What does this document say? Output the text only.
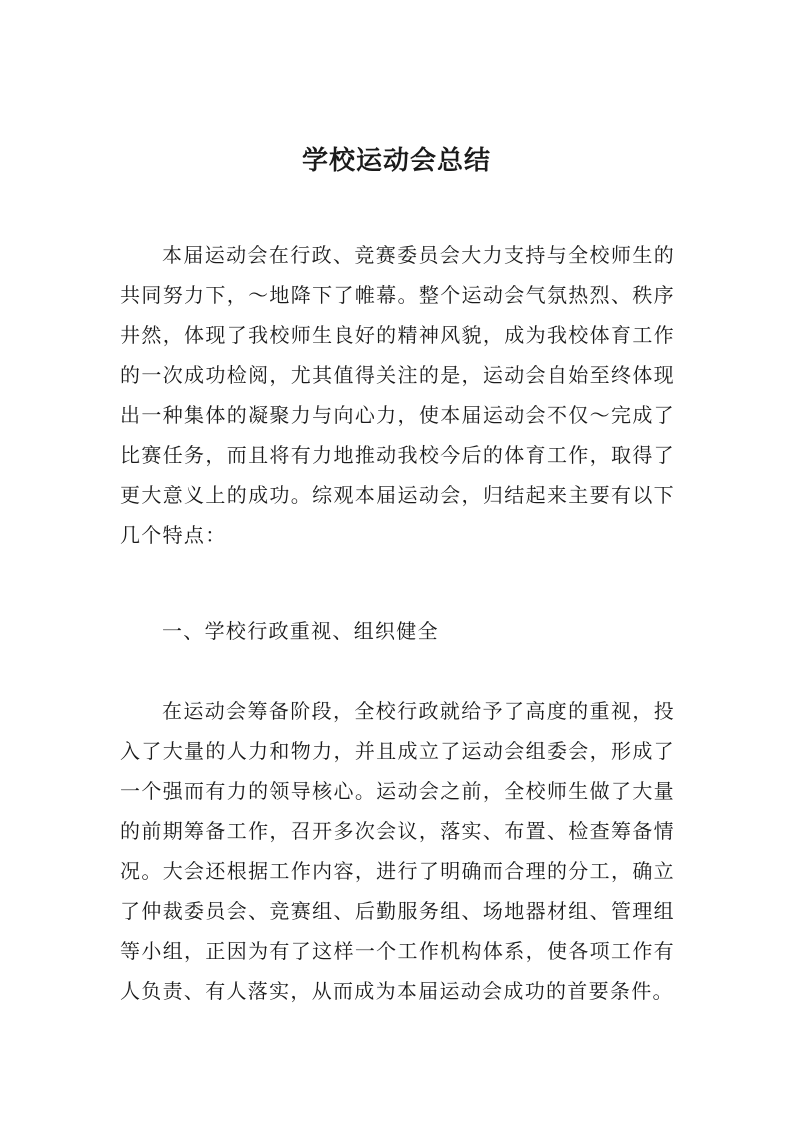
学校运动会总结

本届运动会在行政、竞赛委员会大力支持与全校师生的共同努力下，～地降下了帷幕。整个运动会气氛热烈、秩序井然，体现了我校师生良好的精神风貌，成为我校体育工作的一次成功检阅，尤其值得关注的是，运动会自始至终体现出一种集体的凝聚力与向心力，使本届运动会不仅～完成了比赛任务，而且将有力地推动我校今后的体育工作，取得了更大意义上的成功。综观本届运动会，归结起来主要有以下几个特点：

一、学校行政重视、组织健全

在运动会筹备阶段，全校行政就给予了高度的重视，投入了大量的人力和物力，并且成立了运动会组委会，形成了一个强而有力的领导核心。运动会之前，全校师生做了大量的前期筹备工作，召开多次会议，落实、布置、检查筹备情况。大会还根据工作内容，进行了明确而合理的分工，确立了仲裁委员会、竞赛组、后勤服务组、场地器材组、管理组等小组，正因为有了这样一个工作机构体系，使各项工作有人负责、有人落实，从而成为本届运动会成功的首要条件。
